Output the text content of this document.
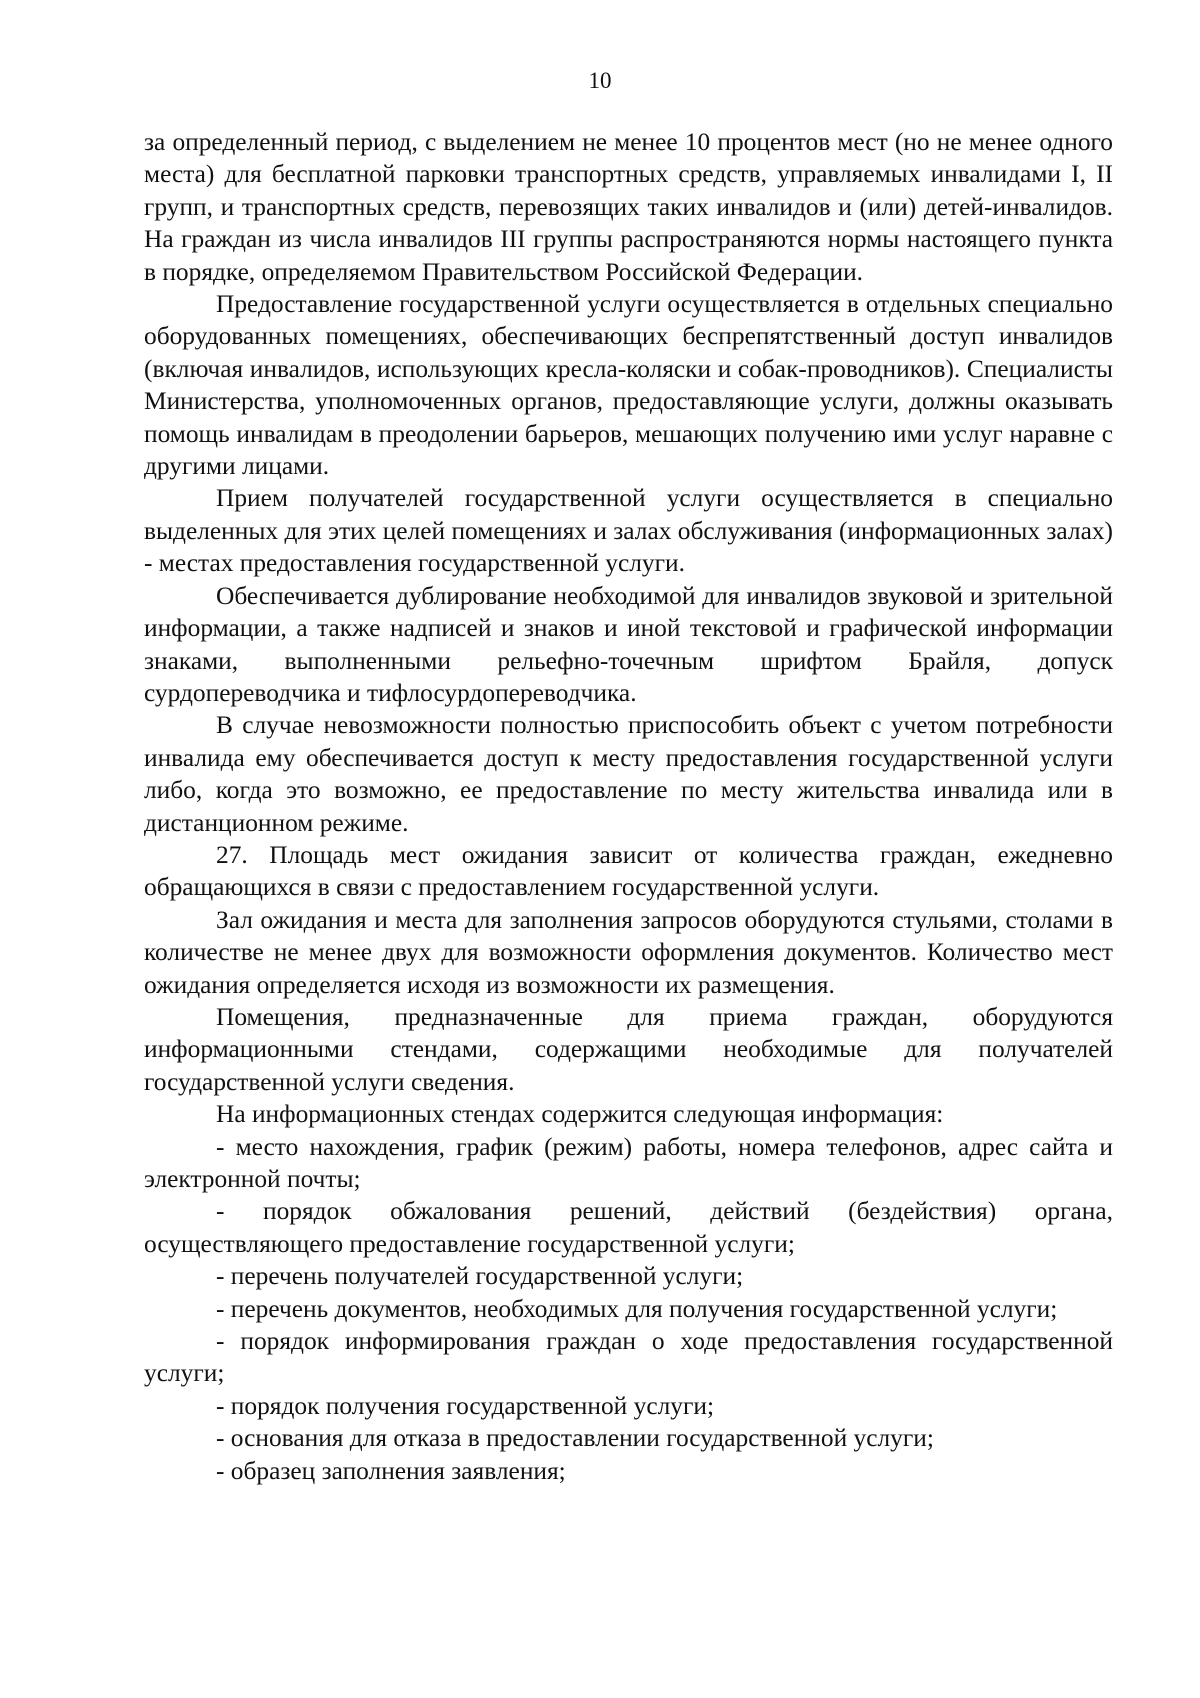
10

за определенный период, с выделением не менее 10 процентов мест (но не менее одного места) для бесплатной парковки транспортных средств, управляемых инвалидами I, II групп, и транспортных средств, перевозящих таких инвалидов и (или) детей-инвалидов. На граждан из числа инвалидов III группы распространяются нормы настоящего пункта в порядке, определяемом Правительством Российской Федерации.

Предоставление государственной услуги осуществляется в отдельных специально оборудованных помещениях, обеспечивающих беспрепятственный доступ инвалидов (включая инвалидов, использующих кресла-коляски и собак-проводников). Специалисты Министерства, уполномоченных органов, предоставляющие услуги, должны оказывать помощь инвалидам в преодолении барьеров, мешающих получению ими услуг наравне с другими лицами.

Прием получателей государственной услуги осуществляется в специально выделенных для этих целей помещениях и залах обслуживания (информационных залах) - местах предоставления государственной услуги.

Обеспечивается дублирование необходимой для инвалидов звуковой и зрительной информации, а также надписей и знаков и иной текстовой и графической информации знаками, выполненными рельефно-точечным шрифтом Брайля, допуск сурдопереводчика и тифлосурдопереводчика.

В случае невозможности полностью приспособить объект с учетом потребности инвалида ему обеспечивается доступ к месту предоставления государственной услуги либо, когда это возможно, ее предоставление по месту жительства инвалида или в дистанционном режиме.

27. Площадь мест ожидания зависит от количества граждан, ежедневно обращающихся в связи с предоставлением государственной услуги.

Зал ожидания и места для заполнения запросов оборудуются стульями, столами в количестве не менее двух для возможности оформления документов. Количество мест ожидания определяется исходя из возможности их размещения.

Помещения, предназначенные для приема граждан, оборудуются информационными стендами, содержащими необходимые для получателей государственной услуги сведения.

На информационных стендах содержится следующая информация:

- место нахождения, график (режим) работы, номера телефонов, адрес сайта и электронной почты;

- порядок обжалования решений, действий (бездействия) органа, осуществляющего предоставление государственной услуги;

- перечень получателей государственной услуги;

- перечень документов, необходимых для получения государственной услуги;

- порядок информирования граждан о ходе предоставления государственной услуги;

- порядок получения государственной услуги;

- основания для отказа в предоставлении государственной услуги;

- образец заполнения заявления;
